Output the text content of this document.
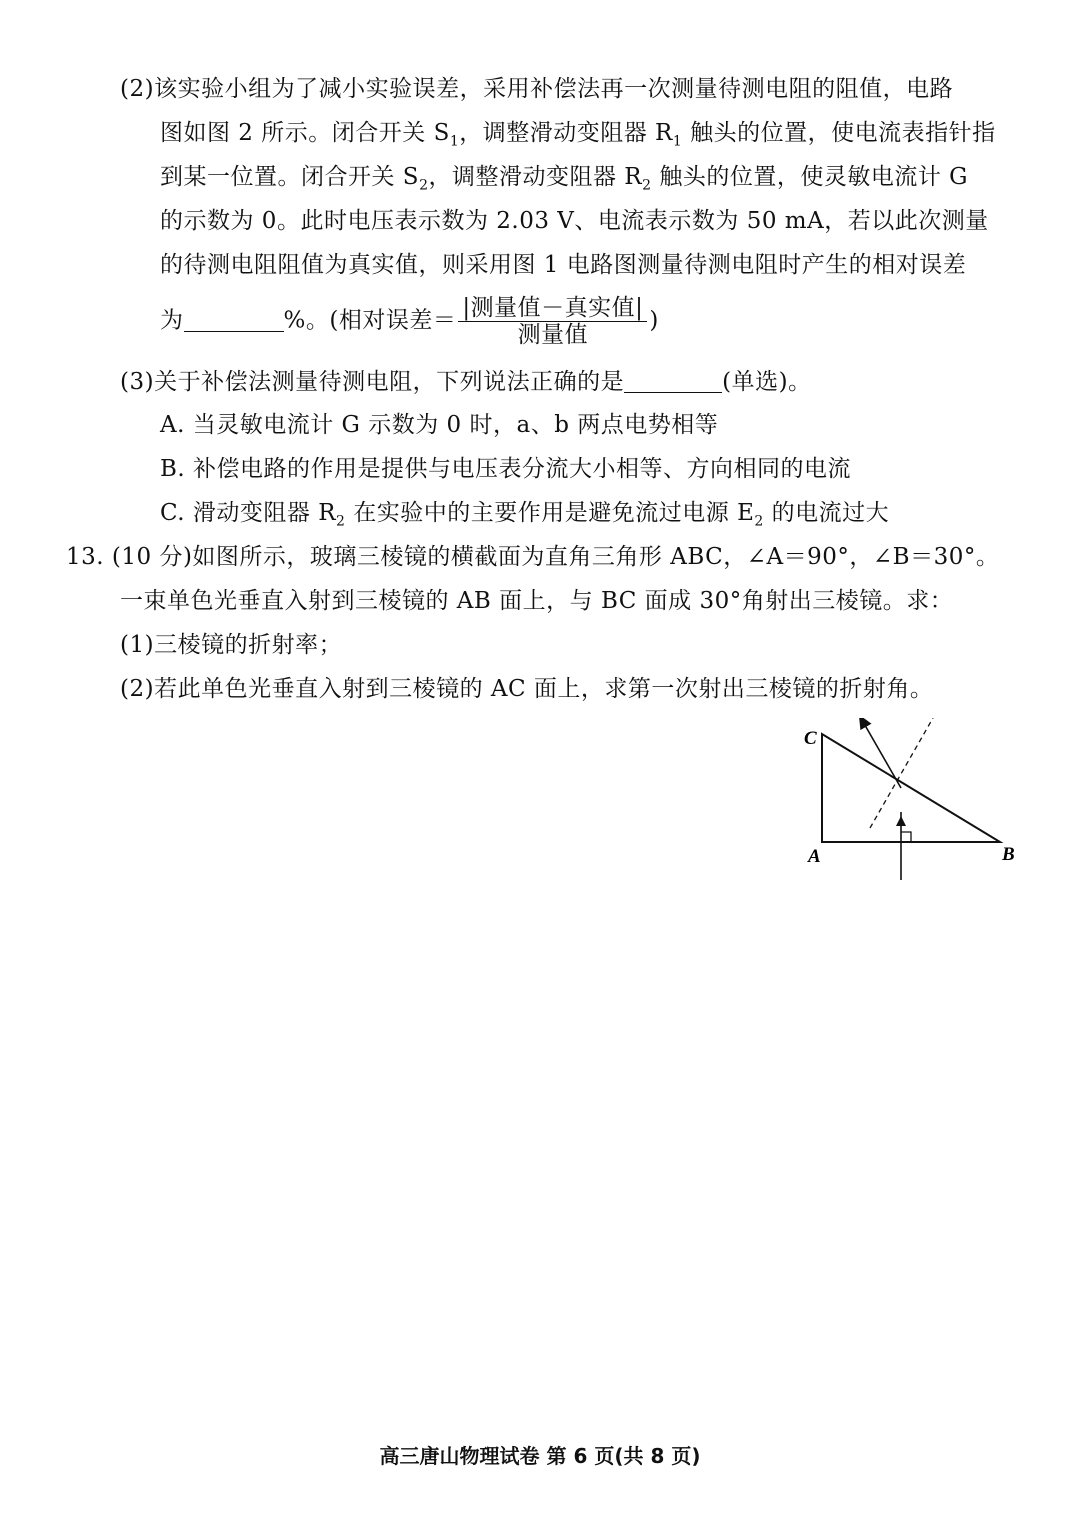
(2)该实验小组为了减小实验误差，采用补偿法再一次测量待测电阻的阻值，电路
图如图 2 所示。闭合开关 $S_1$，调整滑动变阻器 $R_1$ 触头的位置，使电流表指针指
到某一位置。闭合开关 $S_2$，调整滑动变阻器 $R_2$ 触头的位置，使灵敏电流计 G
的示数为 0。此时电压表示数为 2.03 V、电流表示数为 50 mA，若以此次测量
的待测电阻阻值为真实值，则采用图 1 电路图测量待测电阻时产生的相对误差
为	%。(相对误差＝ $\frac{\text{|测量值－真实值|}}{\text{测量值}}$ )
(3)关于补偿法测量待测电阻，下列说法正确的是	(单选)。
A. 当灵敏电流计 G 示数为 0 时，a、b 两点电势相等
B. 补偿电路的作用是提供与电压表分流大小相等、方向相同的电流
C. 滑动变阻器 $R_2$ 在实验中的主要作用是避免流过电源 $E_2$ 的电流过大
13. (10 分)如图所示，玻璃三棱镜的横截面为直角三角形 ABC，∠A＝90°，∠B＝30°。
一束单色光垂直入射到三棱镜的 AB 面上，与 BC 面成 30°角射出三棱镜。求：
(1)三棱镜的折射率；
(2)若此单色光垂直入射到三棱镜的 AC 面上，求第一次射出三棱镜的折射角。
C
A	B
高三唐山物理试卷 第 6 页(共 8 页)
